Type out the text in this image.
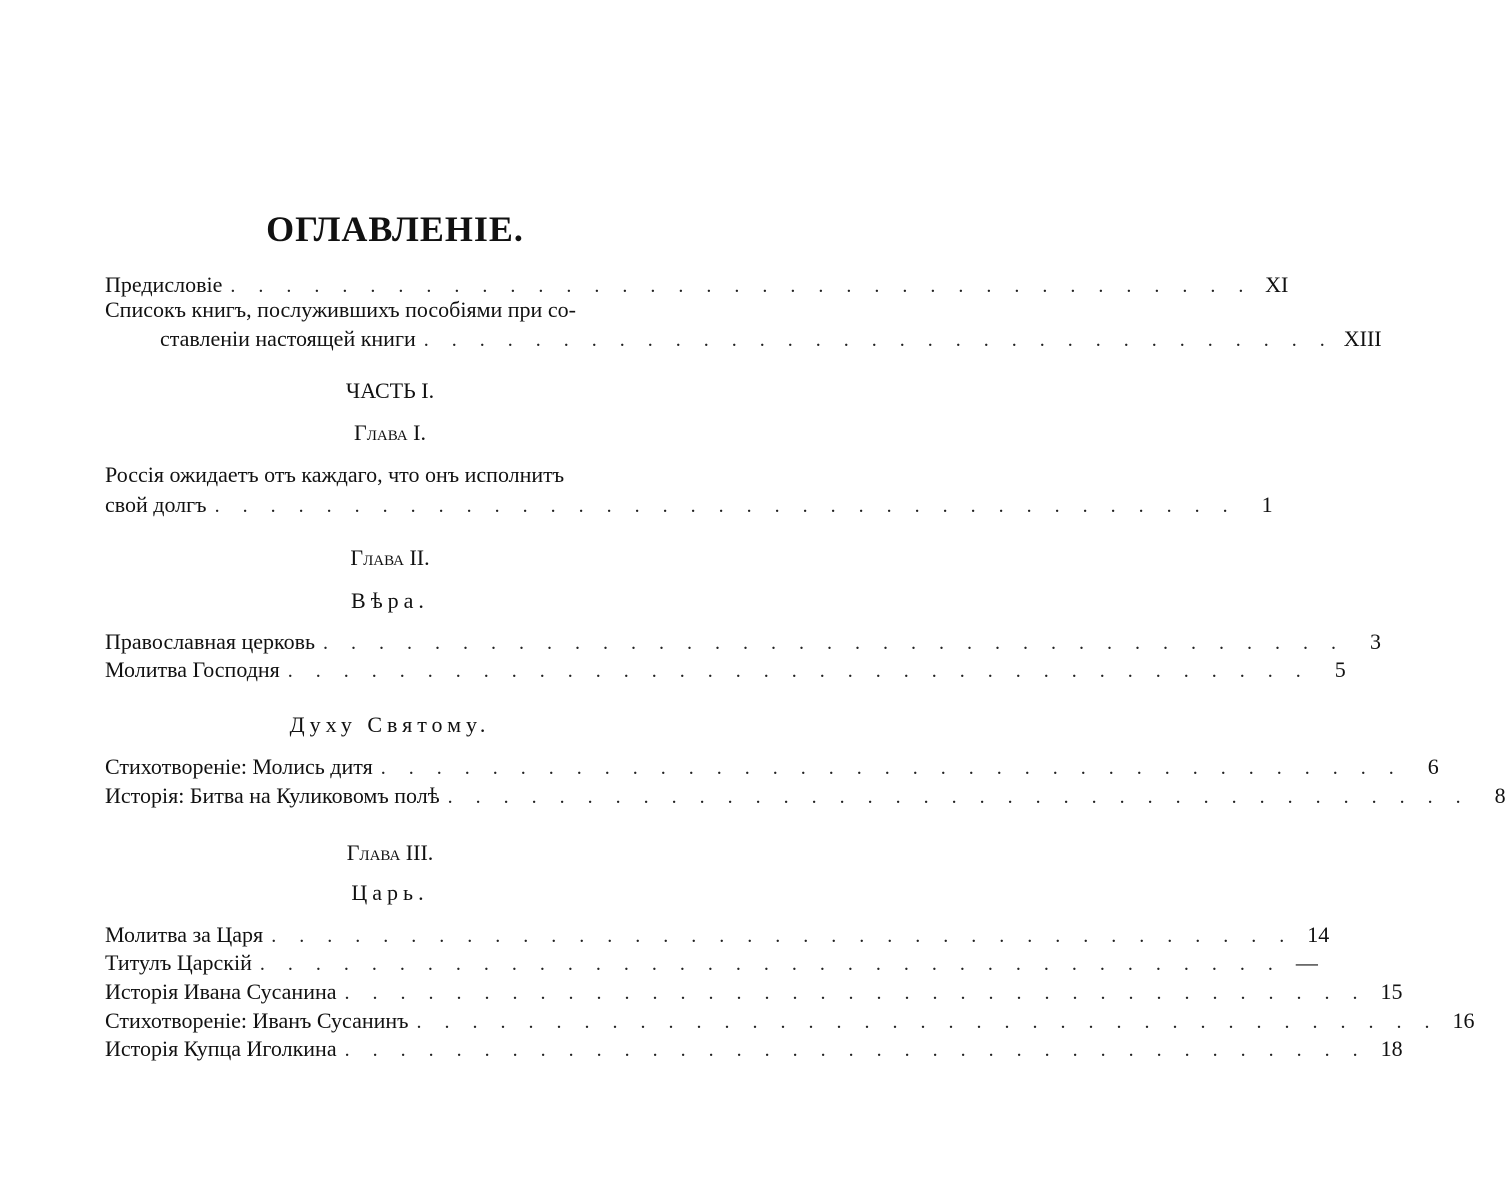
ОГЛАВЛЕНIЕ.
Предисловiе . . . . . . . . . . . . . . . . . . . . . . . . . . . . . . . . . . . . . XI
Списокъ книгъ, послужившихъ пособiями при со-
ставленiи настоящей книги . . . . . . . . . . . . . . . . . . . . . . . . . . . . . . . . . XIII
ЧАСТЬ I.
Глава I.
Россiя ожидаетъ отъ каждаго, что онъ исполнитъ
свой долгъ . . . . . . . . . . . . . . . . . . . . . . . . . . . . . . . . . . . . .	1
Глава II.
Вѣра.
Православная церковь . . . . . . . . . . . . . . . . . . . . . . . . . . . . . . . . . . . . .	3
Молитва Господня . . . . . . . . . . . . . . . . . . . . . . . . . . . . . . . . . . . . .	5
Духу Святому.
Стихотворенiе: Молись дитя . . . . . . . . . . . . . . . . . . . . . . . . . . . . . . . . . . . . .	6
Исторiя: Битва на Куликовомъ полѣ . . . . . . . . . . . . . . . . . . . . . . . . . . . . . . . . . . . . .	8
Глава III.
Царь.
Молитва за Царя . . . . . . . . . . . . . . . . . . . . . . . . . . . . . . . . . . . . . 14
Титулъ Царскiй . . . . . . . . . . . . . . . . . . . . . . . . . . . . . . . . . . . . . —
Исторiя Ивана Сусанина . . . . . . . . . . . . . . . . . . . . . . . . . . . . . . . . . . . . . 15
Стихотворенiе: Иванъ Сусанинъ . . . . . . . . . . . . . . . . . . . . . . . . . . . . . . . . . . . . . 16
Исторiя Купца Иголкина . . . . . . . . . . . . . . . . . . . . . . . . . . . . . . . . . . . . . 18
